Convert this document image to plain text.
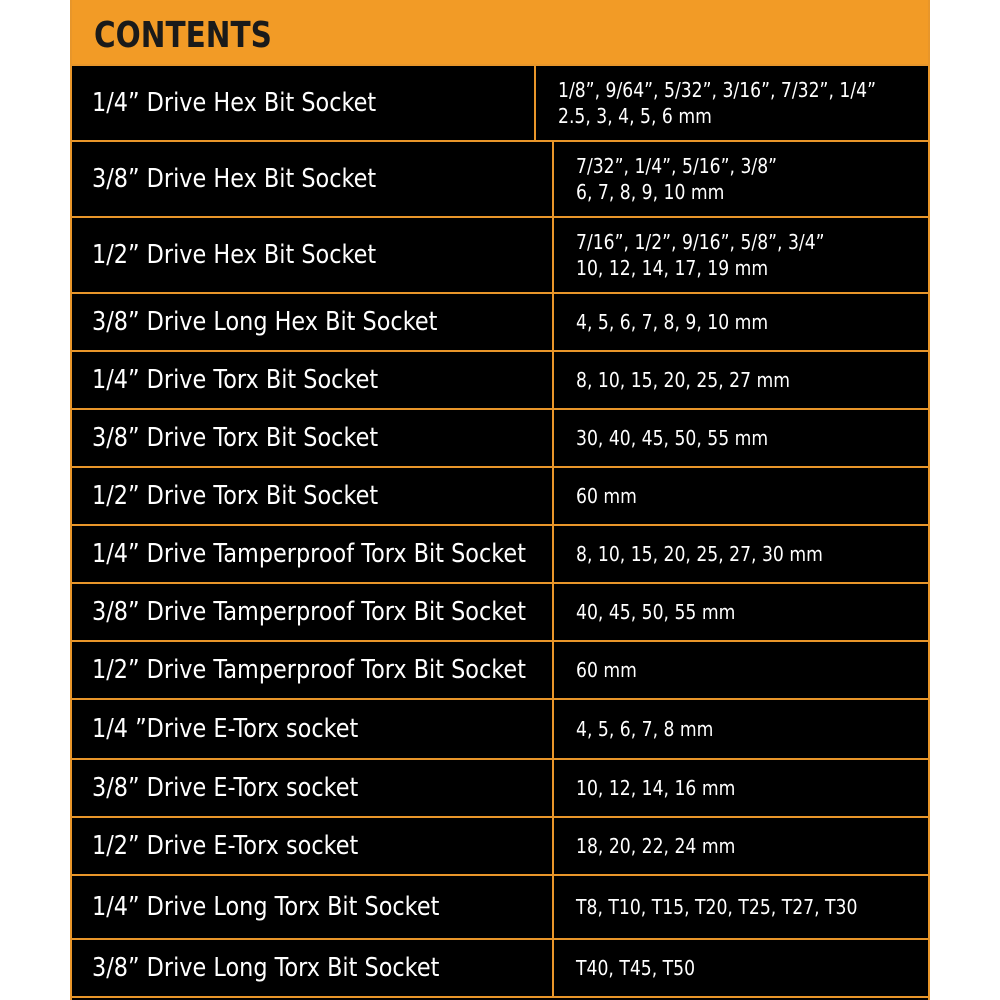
CONTENTS
1/4” Drive Hex Bit Socket	1/8”, 9/64”, 5/32”, 3/16”, 7/32”, 1/4”
2.5, 3, 4, 5, 6 mm
3/8” Drive Hex Bit Socket	7/32”, 1/4”, 5/16”, 3/8”
6, 7, 8, 9, 10 mm
1/2” Drive Hex Bit Socket	7/16”, 1/2”, 9/16”, 5/8”, 3/4”
10, 12, 14, 17, 19 mm
3/8” Drive Long Hex Bit Socket	4, 5, 6, 7, 8, 9, 10 mm
1/4” Drive Torx Bit Socket	8, 10, 15, 20, 25, 27 mm
3/8” Drive Torx Bit Socket	30, 40, 45, 50, 55 mm
1/2” Drive Torx Bit Socket	60 mm
1/4” Drive Tamperproof Torx Bit Socket	8, 10, 15, 20, 25, 27, 30 mm
3/8” Drive Tamperproof Torx Bit Socket	40, 45, 50, 55 mm
1/2” Drive Tamperproof Torx Bit Socket	60 mm
1/4 ”Drive E-Torx socket	4, 5, 6, 7, 8 mm
3/8” Drive E-Torx socket	10, 12, 14, 16 mm
1/2” Drive E-Torx socket	18, 20, 22, 24 mm
1/4” Drive Long Torx Bit Socket	T8, T10, T15, T20, T25, T27, T30
3/8” Drive Long Torx Bit Socket	T40, T45, T50
